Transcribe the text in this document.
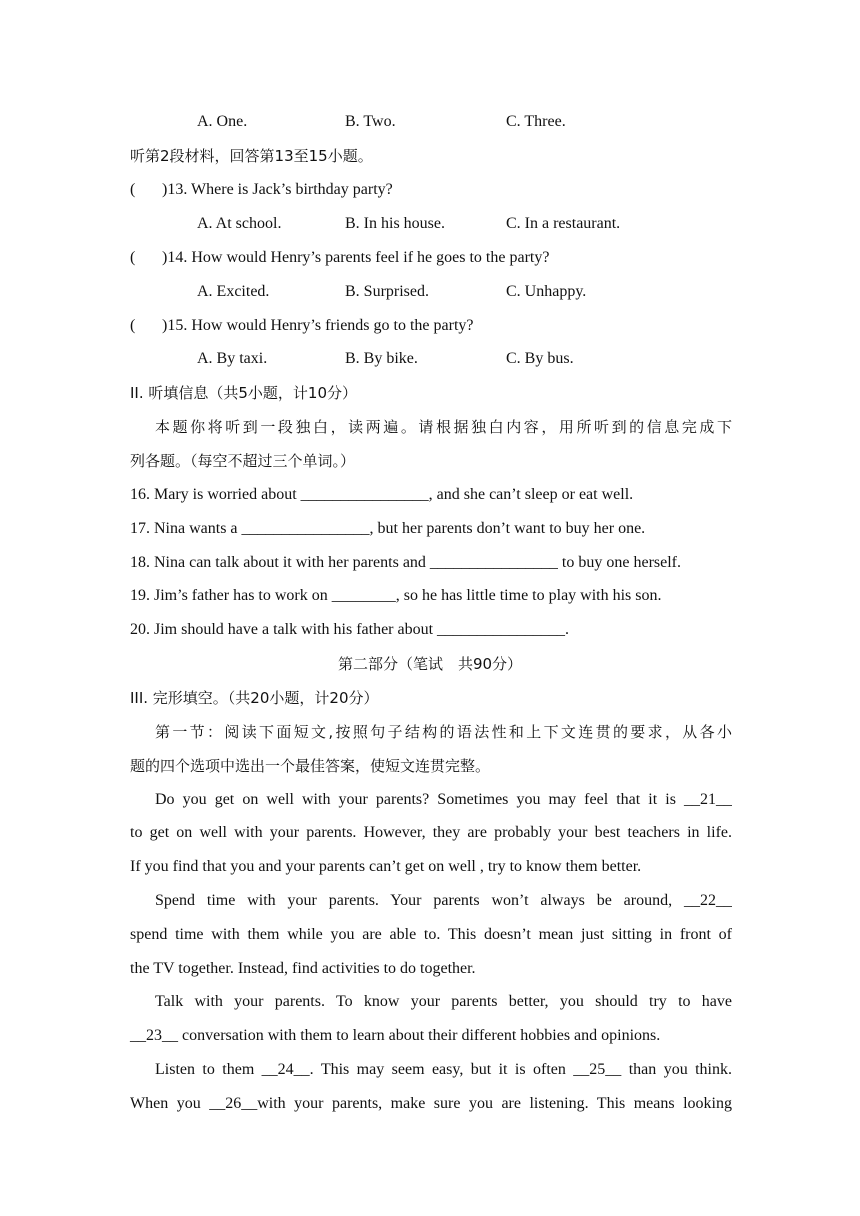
A. One.	B. Two.	C. Three.
听第2段材料，回答第13至15小题。
( )13. Where is Jack’s birthday party?
A. At school.	B. In his house.	C. In a restaurant.
( )14. How would Henry’s parents feel if he goes to the party?
A. Excited.	B. Surprised.	C. Unhappy.
( )15. How would Henry’s friends go to the party?
A. By taxi.	B. By bike.	C. By bus.
II. 听填信息（共5小题，计10分）
本题你将听到一段独白，读两遍。请根据独白内容，用所听到的信息完成下
列各题。（每空不超过三个单词。）
16. Mary is worried about ________________, and she can’t sleep or eat well.
17. Nina wants a ________________, but her parents don’t want to buy her one.
18. Nina can talk about it with her parents and ________________ to buy one herself.
19. Jim’s father has to work on ________, so he has little time to play with his son.
20. Jim should have a talk with his father about ________________.
第二部分（笔试　共90分）
III. 完形填空。（共20小题，计20分）
第一节：阅读下面短文,按照句子结构的语法性和上下文连贯的要求，从各小
题的四个选项中选出一个最佳答案，使短文连贯完整。
Do you get on well with your parents? Sometimes you may feel that it is __21__
to get on well with your parents. However, they are probably your best teachers in life.
If you find that you and your parents can’t get on well , try to know them better.
Spend time with your parents. Your parents won’t always be around, __22__
spend time with them while you are able to. This doesn’t mean just sitting in front of
the TV together. Instead, find activities to do together.
Talk with your parents. To know your parents better, you should try to have
__23__ conversation with them to learn about their different hobbies and opinions.
Listen to them __24__. This may seem easy, but it is often __25__ than you think.
When you __26__with your parents, make sure you are listening. This means looking
